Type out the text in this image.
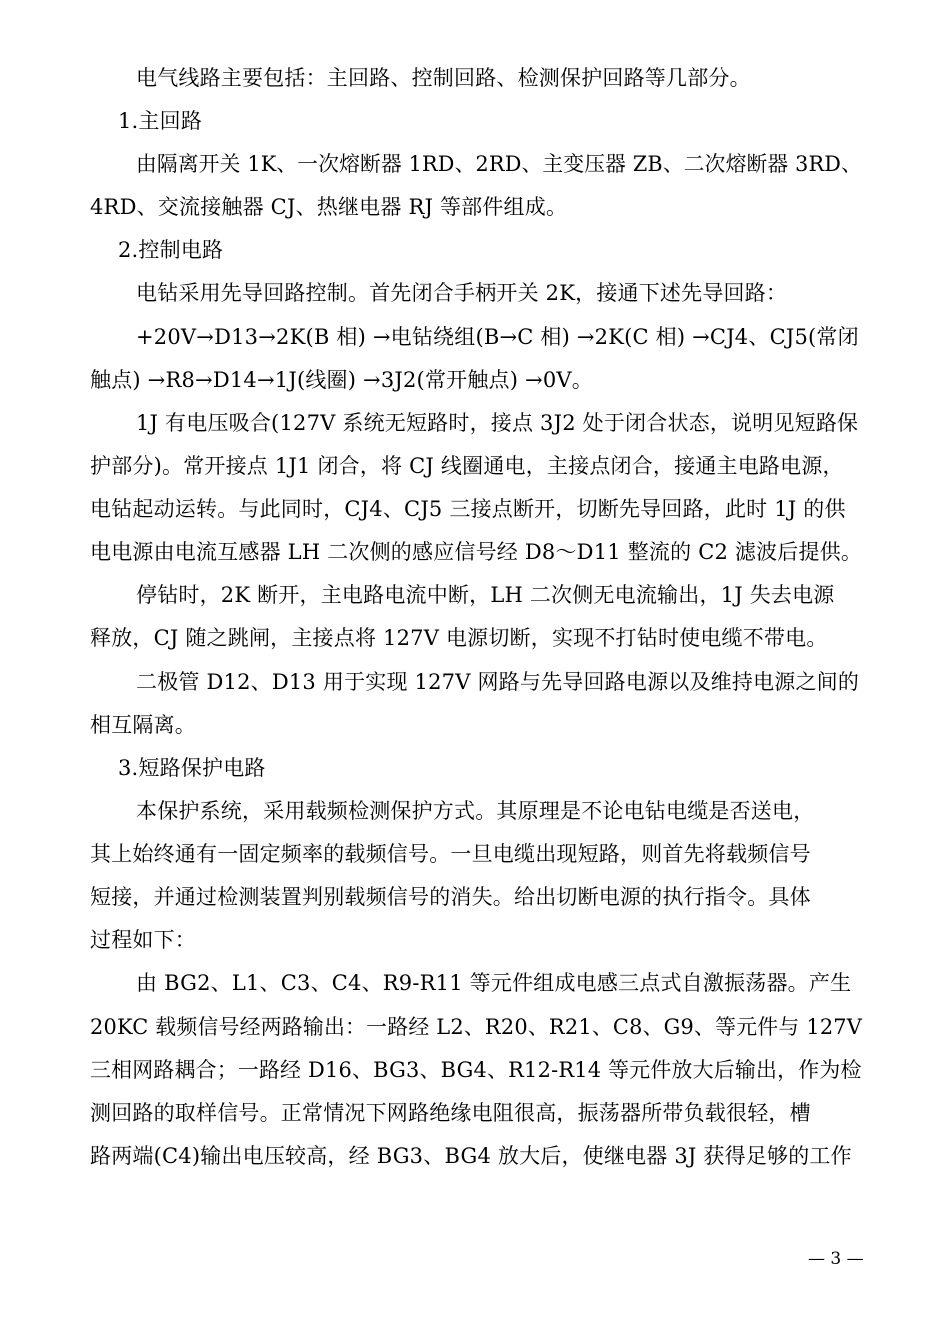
电气线路主要包括：主回路、控制回路、检测保护回路等几部分。
1.主回路
由隔离开关 1K、一次熔断器 1RD、2RD、主变压器 ZB、二次熔断器 3RD、
4RD、交流接触器 CJ、热继电器 RJ 等部件组成。
2.控制电路
电钻采用先导回路控制。首先闭合手柄开关 2K，接通下述先导回路：
+20V→D13→2K(B 相) →电钻绕组(B→C 相) →2K(C 相) →CJ4、CJ5(常闭
触点) →R8→D14→1J(线圈) →3J2(常开触点) →0V。
1J 有电压吸合(127V 系统无短路时，接点 3J2 处于闭合状态，说明见短路保
护部分)。常开接点 1J1 闭合，将 CJ 线圈通电，主接点闭合，接通主电路电源，
电钻起动运转。与此同时，CJ4、CJ5 三接点断开，切断先导回路，此时 1J 的供
电电源由电流互感器 LH 二次侧的感应信号经 D8～D11 整流的 C2 滤波后提供。
停钻时，2K 断开，主电路电流中断，LH 二次侧无电流输出，1J 失去电源
释放，CJ 随之跳闸，主接点将 127V 电源切断，实现不打钻时使电缆不带电。
二极管 D12、D13 用于实现 127V 网路与先导回路电源以及维持电源之间的
相互隔离。
3.短路保护电路
本保护系统，采用载频检测保护方式。其原理是不论电钻电缆是否送电，
其上始终通有一固定频率的载频信号。一旦电缆出现短路，则首先将载频信号
短接，并通过检测装置判别载频信号的消失。给出切断电源的执行指令。具体
过程如下：
由 BG2、L1、C3、C4、R9-R11 等元件组成电感三点式自激振荡器。产生
20KC 载频信号经两路输出：一路经 L2、R20、R21、C8、G9、等元件与 127V
三相网路耦合；一路经 D16、BG3、BG4、R12-R14 等元件放大后输出，作为检
测回路的取样信号。正常情况下网路绝缘电阻很高，振荡器所带负载很轻，槽
路两端(C4)输出电压较高，经 BG3、BG4 放大后，使继电器 3J 获得足够的工作
— 3 —
